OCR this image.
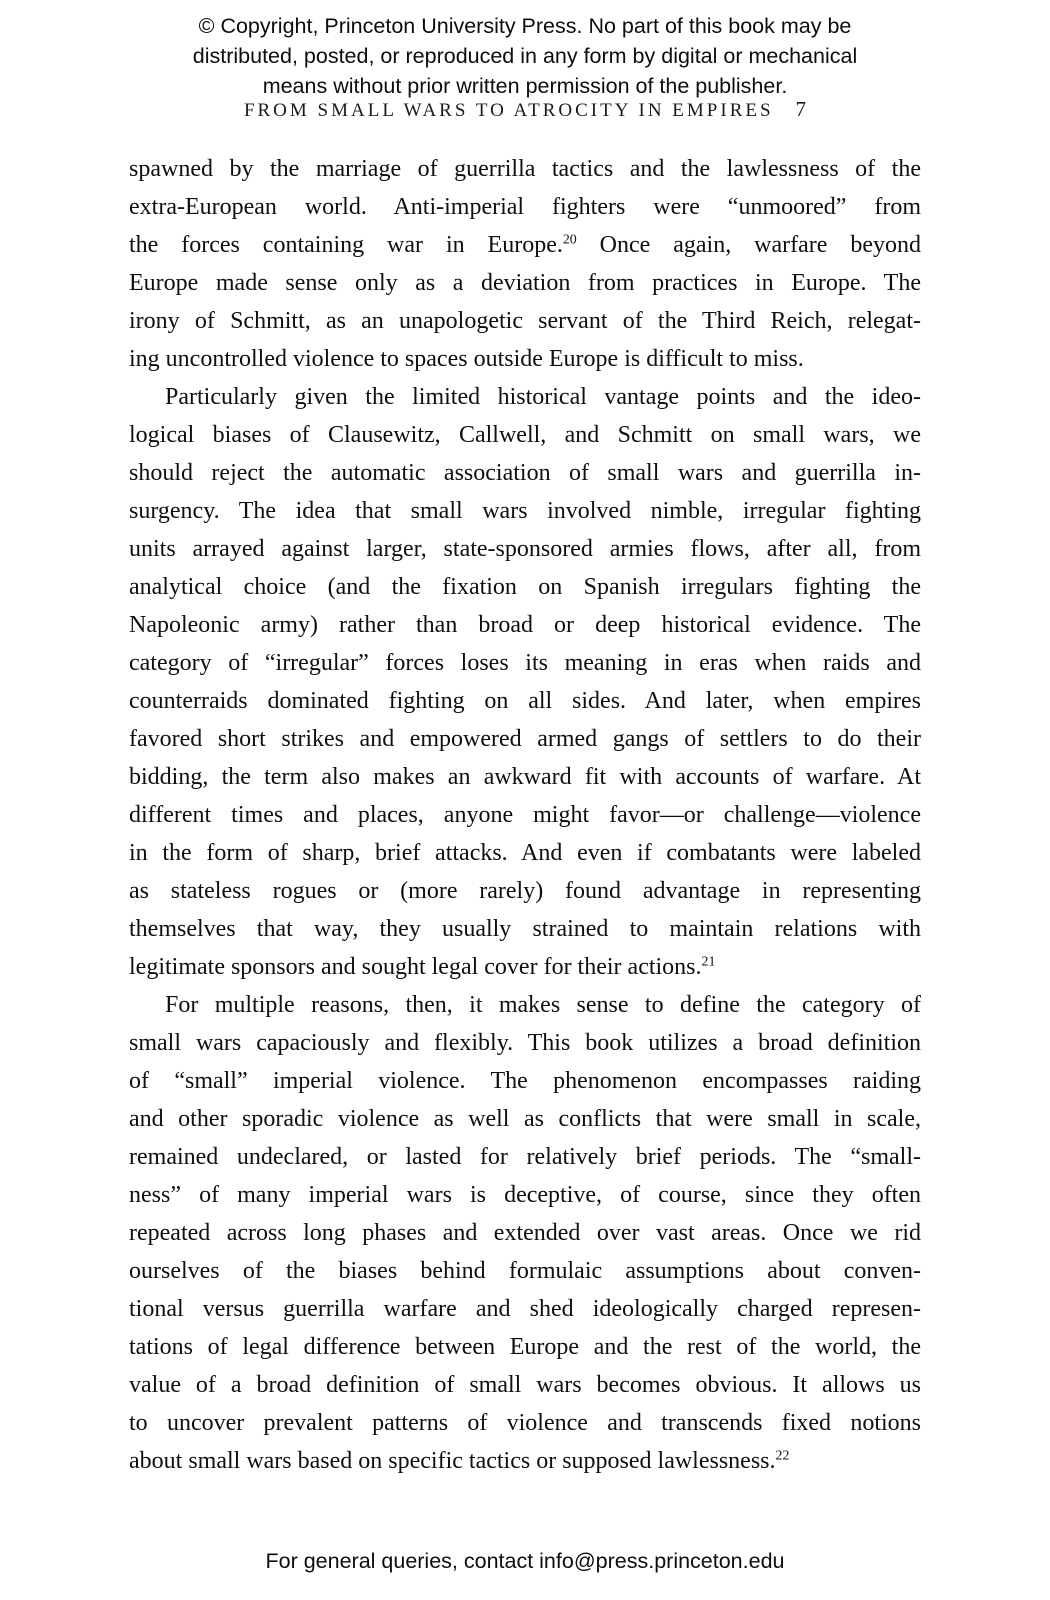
© Copyright, Princeton University Press. No part of this book may be
distributed, posted, or reproduced in any form by digital or mechanical
means without prior written permission of the publisher.
FROM SMALL WARS TO ATROCITY IN EMPIRES 7
spawned by the marriage of guerrilla tactics and the lawlessness of the
extra-European world. Anti-imperial fighters were “unmoored” from
the forces containing war in Europe.$^{20}$ Once again, warfare beyond
Europe made sense only as a deviation from practices in Europe. The
irony of Schmitt, as an unapologetic servant of the Third Reich, relegat-
ing uncontrolled violence to spaces outside Europe is difficult to miss.
Particularly given the limited historical vantage points and the ideo-
logical biases of Clausewitz, Callwell, and Schmitt on small wars, we
should reject the automatic association of small wars and guerrilla in-
surgency. The idea that small wars involved nimble, irregular fighting
units arrayed against larger, state-sponsored armies flows, after all, from
analytical choice (and the fixation on Spanish irregulars fighting the
Napoleonic army) rather than broad or deep historical evidence. The
category of “irregular” forces loses its meaning in eras when raids and
counterraids dominated fighting on all sides. And later, when empires
favored short strikes and empowered armed gangs of settlers to do their
bidding, the term also makes an awkward fit with accounts of warfare. At
different times and places, anyone might favor—or challenge—violence
in the form of sharp, brief attacks. And even if combatants were labeled
as stateless rogues or (more rarely) found advantage in representing
themselves that way, they usually strained to maintain relations with
legitimate sponsors and sought legal cover for their actions.$^{21}$
For multiple reasons, then, it makes sense to define the category of
small wars capaciously and flexibly. This book utilizes a broad definition
of “small” imperial violence. The phenomenon encompasses raiding
and other sporadic violence as well as conflicts that were small in scale,
remained undeclared, or lasted for relatively brief periods. The “small-
ness” of many imperial wars is deceptive, of course, since they often
repeated across long phases and extended over vast areas. Once we rid
ourselves of the biases behind formulaic assumptions about conven-
tional versus guerrilla warfare and shed ideologically charged represen-
tations of legal difference between Europe and the rest of the world, the
value of a broad definition of small wars becomes obvious. It allows us
to uncover prevalent patterns of violence and transcends fixed notions
about small wars based on specific tactics or supposed lawlessness.$^{22}$
For general queries, contact info@press.princeton.edu
